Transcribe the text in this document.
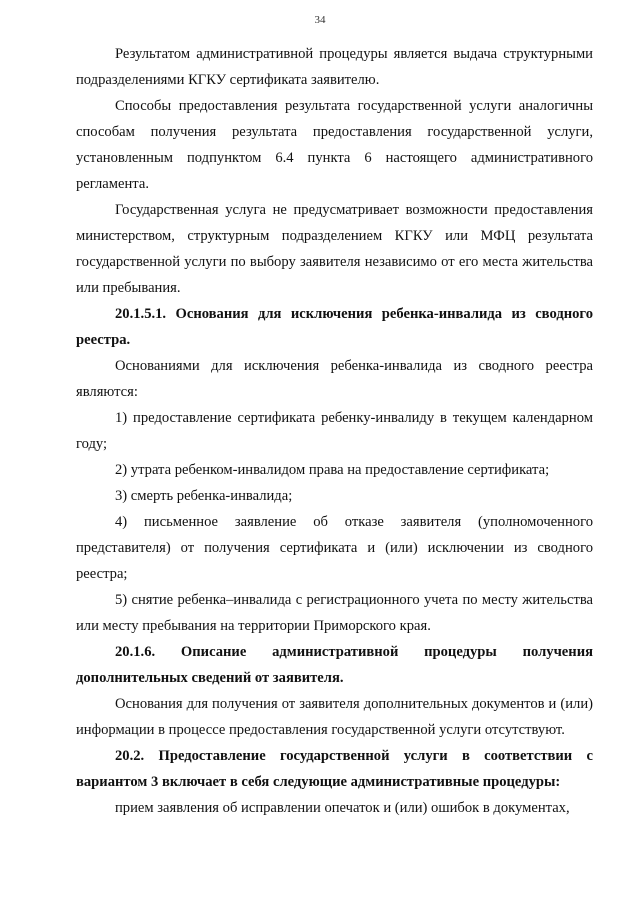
34

Результатом административной процедуры является выдача структурными подразделениями КГКУ сертификата заявителю.

Способы предоставления результата государственной услуги аналогичны способам получения результата предоставления государственной услуги, установленным подпунктом 6.4 пункта 6 настоящего административного регламента.

Государственная услуга не предусматривает возможности предоставления министерством, структурным подразделением КГКУ или МФЦ результата государственной услуги по выбору заявителя независимо от его места жительства или пребывания.

20.1.5.1. Основания для исключения ребенка-инвалида из сводного реестра.

Основаниями для исключения ребенка-инвалида из сводного реестра являются:

1) предоставление сертификата ребенку-инвалиду в текущем календарном году;

2) утрата ребенком-инвалидом права на предоставление сертификата;

3) смерть ребенка-инвалида;

4) письменное заявление об отказе заявителя (уполномоченного представителя) от получения сертификата и (или) исключении из сводного реестра;

5) снятие ребенка–инвалида с регистрационного учета по месту жительства или месту пребывания на территории Приморского края.

20.1.6. Описание административной процедуры получения дополнительных сведений от заявителя.

Основания для получения от заявителя дополнительных документов и (или) информации в процессе предоставления государственной услуги отсутствуют.

20.2. Предоставление государственной услуги в соответствии с вариантом 3 включает в себя следующие административные процедуры:

прием заявления об исправлении опечаток и (или) ошибок в документах,
